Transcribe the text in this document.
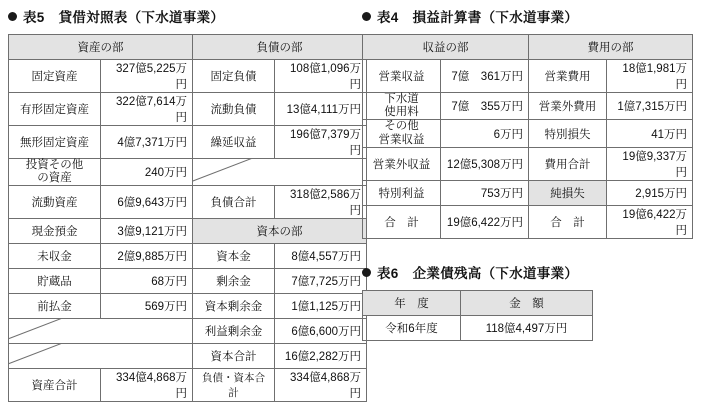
表5 貸借対照表（下水道事業）
資産の部		負債の部	
固定資産	327億5,225万円	固定負債	108億1,096万円
有形固定資産	322億7,614万円	流動負債	13億4,111万円
無形固定資産	4億7,371万円	繰延収益	196億7,379万円
投資その他
の資産	240万円		

流動資産	6億9,643万円	負債合計	318億2,586万円
現金預金	3億9,121万円	資本の部	
未収金	2億9,885万円	資本金	8億4,557万円
貯蔵品	68万円	剰余金	7億7,725万円
前払金	569万円	資本剰余金	1億1,125万円

		利益剰余金	6億6,600万円

		資本合計	16億2,282万円
資産合計	334億4,868万円	負債・資本合計	334億4,868万円
表4 損益計算書（下水道事業）
収益の部		費用の部	
営業収益	7億　361万円	営業費用	18億1,981万円
下水道
使用料	7億　355万円	営業外費用	1億7,315万円
その他
営業収益	6万円	特別損失	41万円
営業外収益	12億5,308万円	費用合計	19億9,337万円
特別利益	753万円	純損失	2,915万円
合　計	19億6,422万円	合　計	19億6,422万円
表6 企業債残高（下水道事業）
年　度	金　額
令和6年度	118億4,497万円
